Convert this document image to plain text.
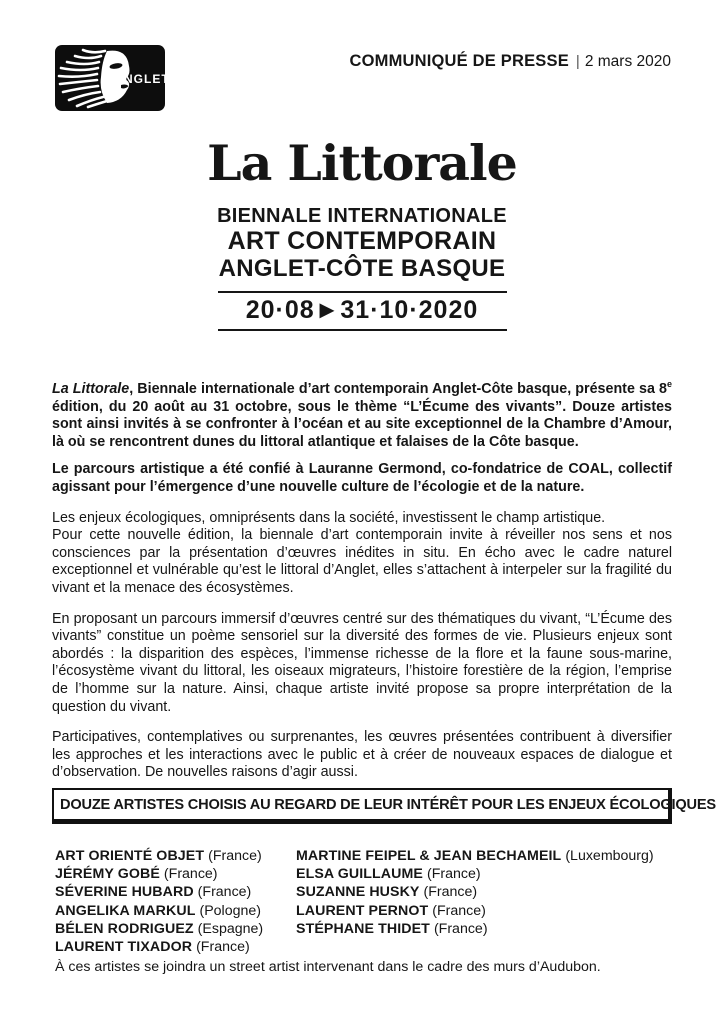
ANGLET
COMMUNIQUÉ DE PRESSE | 2 mars 2020
La Littorale
BIENNALE INTERNATIONALE
ART CONTEMPORAIN
ANGLET-CÔTE BASQUE
20·08►31·10·2020

La Littorale, Biennale internationale d’art contemporain Anglet-Côte basque, présente sa 8e édition, du 20 août au 31 octobre, sous le thème “L’Écume des vivants”. Douze artistes sont ainsi invités à se confronter à l’océan et au site exceptionnel de la Chambre d’Amour, là où se rencontrent dunes du littoral atlantique et falaises de la Côte basque.

Le parcours artistique a été confié à Lauranne Germond, co-fondatrice de COAL, collectif agissant pour l’émergence d’une nouvelle culture de l’écologie et de la nature.

Les enjeux écologiques, omniprésents dans la société, investissent le champ artistique.
Pour cette nouvelle édition, la biennale d’art contemporain invite à réveiller nos sens et nos consciences par la présentation d’œuvres inédites in situ. En écho avec le cadre naturel exceptionnel et vulnérable qu’est le littoral d’Anglet, elles s’attachent à interpeler sur la fragilité du vivant et la menace des écosystèmes.

En proposant un parcours immersif d’œuvres centré sur des thématiques du vivant, “L’Écume des vivants” constitue un poème sensoriel sur la diversité des formes de vie. Plusieurs enjeux sont abordés : la disparition des espèces, l’immense richesse de la flore et la faune sous-marine, l’écosystème vivant du littoral, les oiseaux migrateurs, l’histoire forestière de la région, l’emprise de l’homme sur la nature. Ainsi, chaque artiste invité propose sa propre interprétation de la question du vivant.

Participatives, contemplatives ou surprenantes, les œuvres présentées contribuent à diversifier les approches et les interactions avec le public et à créer de nouveaux espaces de dialogue et d’observation. De nouvelles raisons d’agir aussi.

DOUZE ARTISTES CHOISIS AU REGARD DE LEUR INTÉRÊT POUR LES ENJEUX ÉCOLOGIQUES
ART ORIENTÉ OBJET (France)
JÉRÉMY GOBÉ (France)
SÉVERINE HUBARD (France)
ANGELIKA MARKUL (Pologne)
BÉLEN RODRIGUEZ (Espagne)
LAURENT TIXADOR (France)
MARTINE FEIPEL & JEAN BECHAMEIL (Luxembourg)
ELSA GUILLAUME (France)
SUZANNE HUSKY (France)
LAURENT PERNOT (France)
STÉPHANE THIDET (France)
À ces artistes se joindra un street artist intervenant dans le cadre des murs d’Audubon.
